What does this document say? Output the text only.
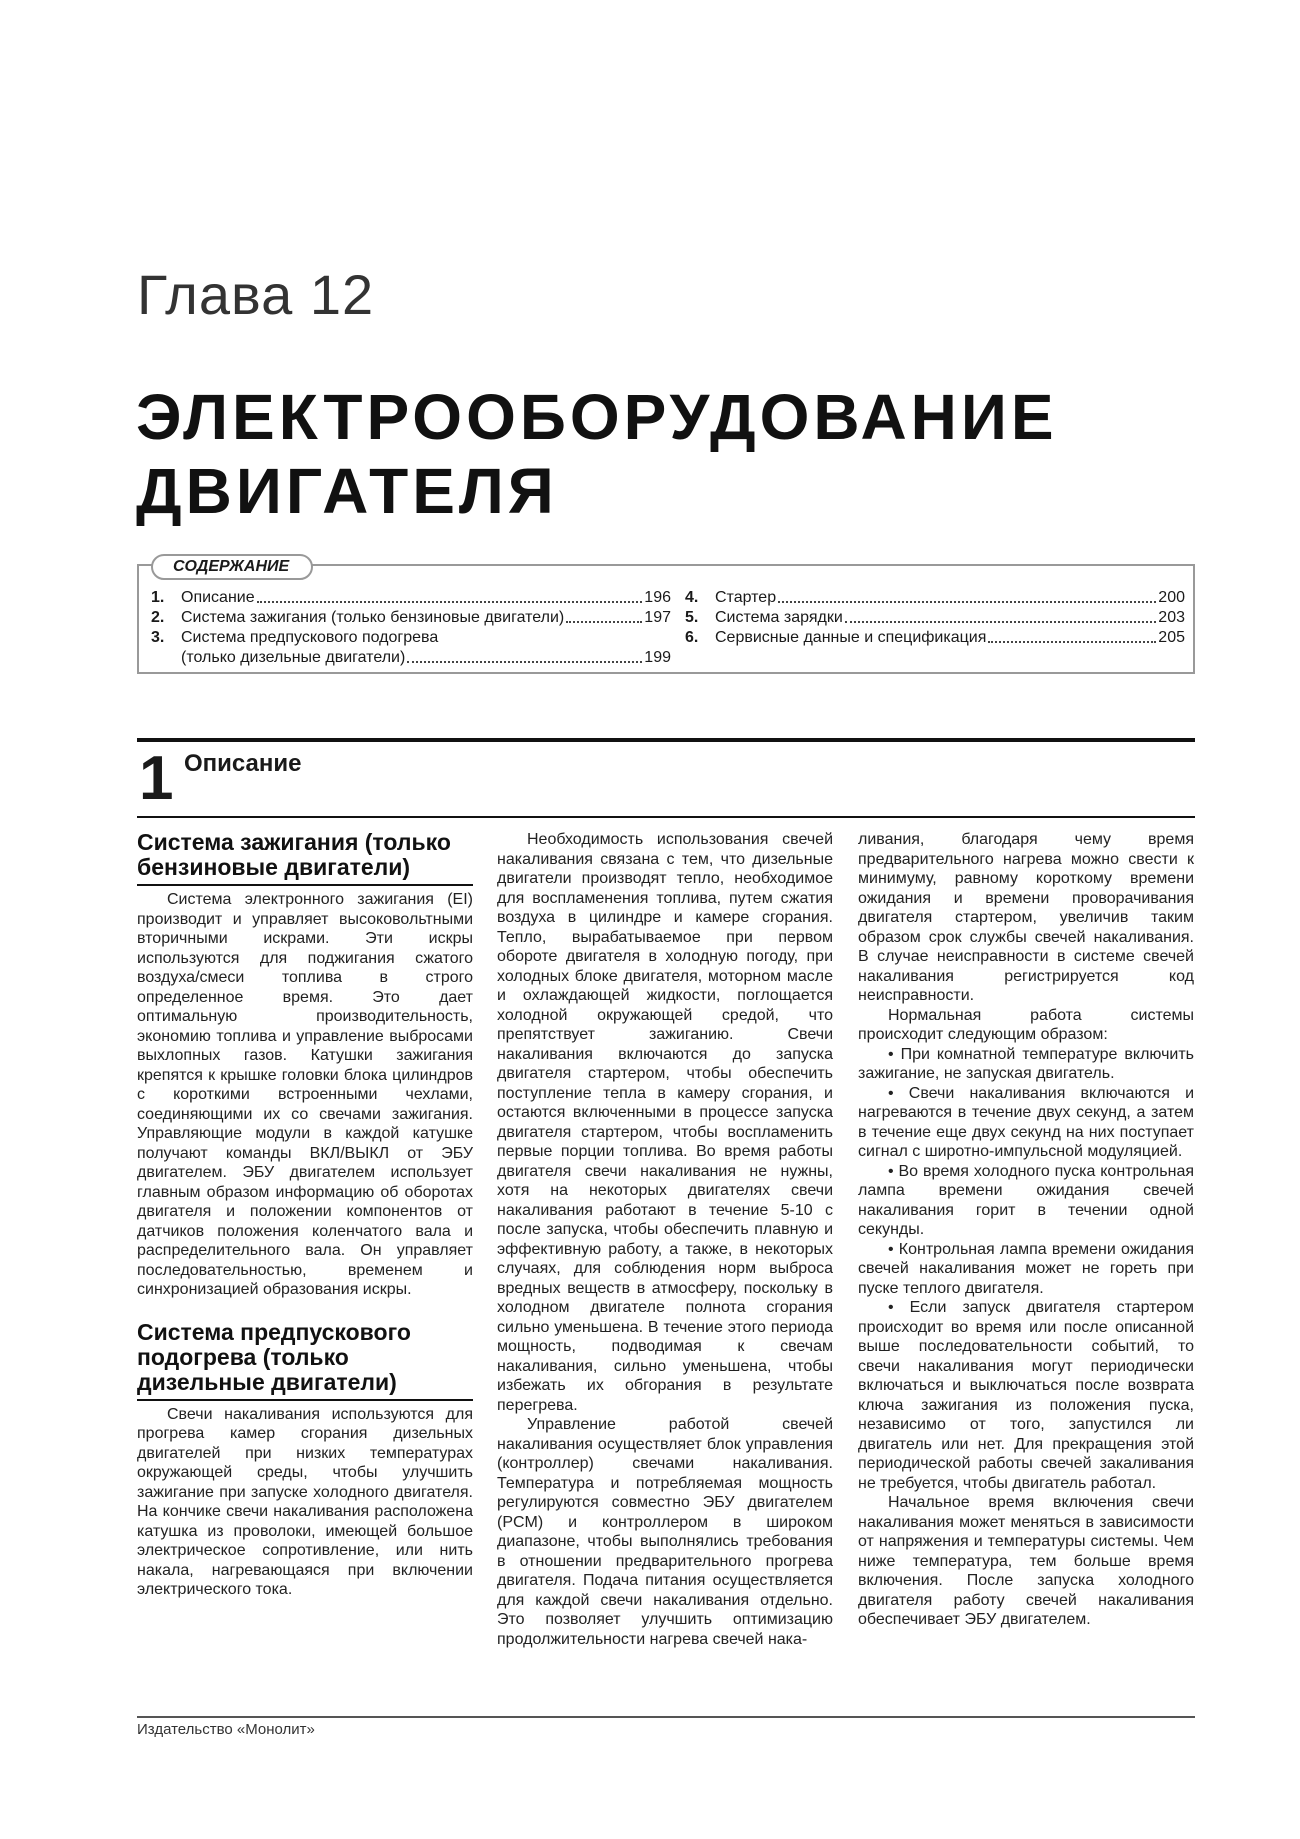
Глава 12
ЭЛЕКТРООБОРУДОВАНИЕ
ДВИГАТЕЛЯ
СОДЕРЖАНИЕ
1.	Описание	196
2.	Система зажигания (только бензиновые двигатели)	197
3.	Система предпускового подогрева
(только дизельные двигатели)	199
4.	Стартер	200
5.	Система зарядки	203
6.	Сервисные данные и спецификация	205
1 Описание
Система зажигания (только бензиновые двигатели)

Система электронного зажигания (EI) производит и управляет высоковольтными вторичными искрами. Эти искры используются для поджигания сжатого воздуха/смеси топлива в строго определенное время. Это дает оптимальную производительность, экономию топлива и управление выбросами выхлопных газов. Катушки зажигания крепятся к крышке головки блока цилиндров с короткими встроенными чехлами, соединяющими их со свечами зажигания. Управляющие модули в каждой катушке получают команды ВКЛ/ВЫКЛ от ЭБУ двигателем. ЭБУ двигателем использует главным образом информацию об оборотах двигателя и положении компонентов от датчиков положения коленчатого вала и распределительного вала. Он управляет последовательностью, временем и синхронизацией образования искры.

Система предпускового подогрева (только дизельные двигатели)

Свечи накаливания используются для прогрева камер сгорания дизельных двигателей при низких температурах окружающей среды, чтобы улучшить зажигание при запуске холодного двигателя. На кончике свечи накаливания расположена катушка из проволоки, имеющей большое электрическое сопротивление, или нить накала, нагревающаяся при включении электрического тока.

Необходимость использования свечей накаливания связана с тем, что дизельные двигатели производят тепло, необходимое для воспламенения топлива, путем сжатия воздуха в цилиндре и камере сгорания. Тепло, вырабатываемое при первом обороте двигателя в холодную погоду, при холодных блоке двигателя, моторном масле и охлаждающей жидкости, поглощается холодной окружающей средой, что препятствует зажиганию. Свечи накаливания включаются до запуска двигателя стартером, чтобы обеспечить поступление тепла в камеру сгорания, и остаются включенными в процессе запуска двигателя стартером, чтобы воспламенить первые порции топлива. Во время работы двигателя свечи накаливания не нужны, хотя на некоторых двигателях свечи накаливания работают в течение 5-10 с после запуска, чтобы обеспечить плавную и эффективную работу, а также, в некоторых случаях, для соблюдения норм выброса вредных веществ в атмосферу, поскольку в холодном двигателе полнота сгорания сильно уменьшена. В течение этого периода мощность, подводимая к свечам накаливания, сильно уменьшена, чтобы избежать их обгорания в результате перегрева.

Управление работой свечей накаливания осуществляет блок управления (контроллер) свечами накаливания. Температура и потребляемая мощность регулируются совместно ЭБУ двигателем (PCM) и контроллером в широком диапазоне, чтобы выполнялись требования в отношении предварительного прогрева двигателя. Подача питания осуществляется для каждой свечи накаливания отдельно. Это позволяет улучшить оптимизацию продолжительности нагрева свечей нака-

ливания, благодаря чему время предварительного нагрева можно свести к минимуму, равному короткому времени ожидания и времени проворачивания двигателя стартером, увеличив таким образом срок службы свечей накаливания. В случае неисправности в системе свечей накаливания регистрируется код неисправности.

Нормальная работа системы происходит следующим образом:

• При комнатной температуре включить зажигание, не запуская двигатель.

• Свечи накаливания включаются и нагреваются в течение двух секунд, а затем в течение еще двух секунд на них поступает сигнал с широтно-импульсной модуляцией.

• Во время холодного пуска контрольная лампа времени ожидания свечей накаливания горит в течении одной секунды.

• Контрольная лампа времени ожидания свечей накаливания может не гореть при пуске теплого двигателя.

• Если запуск двигателя стартером происходит во время или после описанной выше последовательности событий, то свечи накаливания могут периодически включаться и выключаться после возврата ключа зажигания из положения пуска, независимо от того, запустился ли двигатель или нет. Для прекращения этой периодической работы свечей закаливания не требуется, чтобы двигатель работал.

Начальное время включения свечи накаливания может меняться в зависимости от напряжения и температуры системы. Чем ниже температура, тем больше время включения. После запуска холодного двигателя работу свечей накаливания обеспечивает ЭБУ двигателем.

Издательство «Монолит»
